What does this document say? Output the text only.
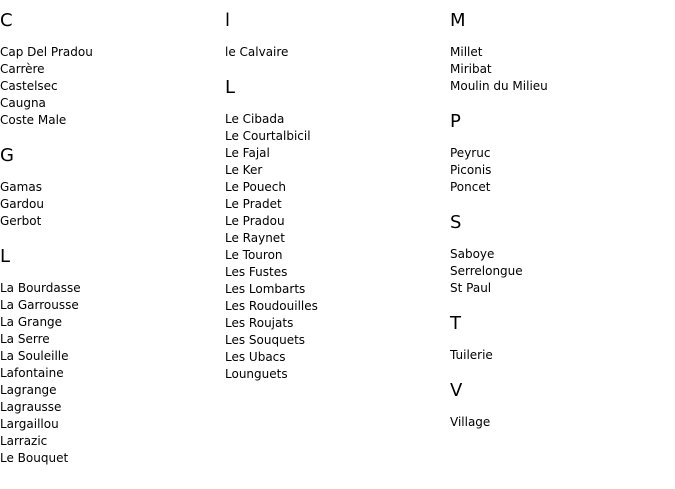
C
Cap Del Pradou
Carrère
Castelsec
Caugna
Coste Male
G
Gamas
Gardou
Gerbot
L
La Bourdasse
La Garrousse
La Grange
La Serre
La Souleille
Lafontaine
Lagrange
Lagrausse
Largaillou
Larrazic
Le Bouquet
l
le Calvaire
L
Le Cibada
Le Courtalbicil
Le Fajal
Le Ker
Le Pouech
Le Pradet
Le Pradou
Le Raynet
Le Touron
Les Fustes
Les Lombarts
Les Roudouilles
Les Roujats
Les Souquets
Les Ubacs
Lounguets
M
Millet
Miribat
Moulin du Milieu
P
Peyruc
Piconis
Poncet
S
Saboye
Serrelongue
St Paul
T
Tuilerie
V
Village
